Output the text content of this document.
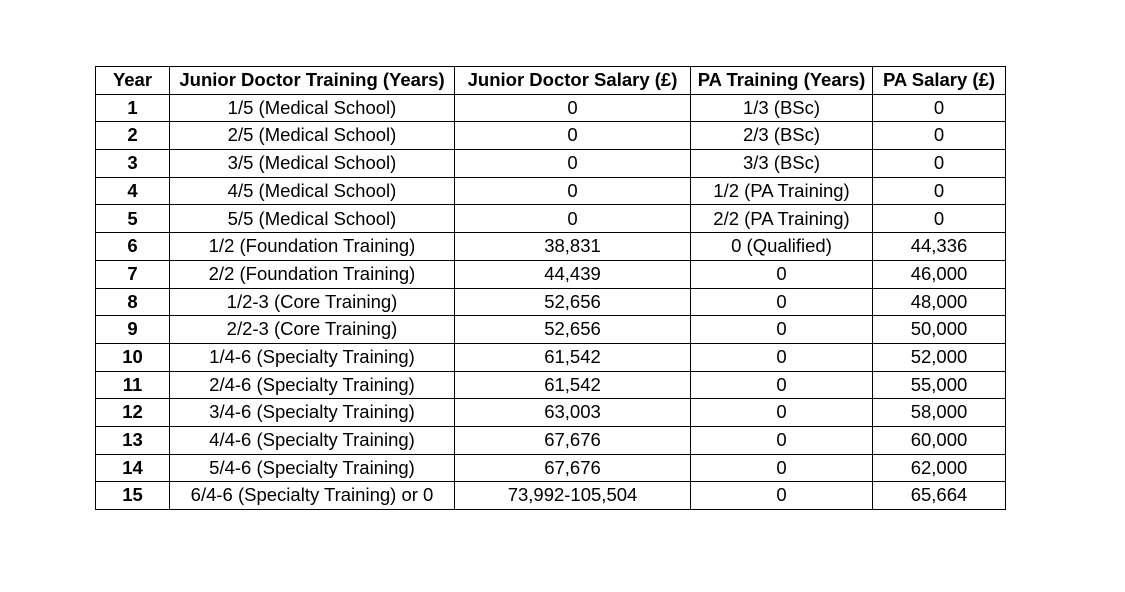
Year	Junior Doctor Training (Years)	Junior Doctor Salary (£)	PA Training (Years)	PA Salary (£)
1	1/5 (Medical School)	0	1/3 (BSc)	0
2	2/5 (Medical School)	0	2/3 (BSc)	0
3	3/5 (Medical School)	0	3/3 (BSc)	0
4	4/5 (Medical School)	0	1/2 (PA Training)	0
5	5/5 (Medical School)	0	2/2 (PA Training)	0
6	1/2 (Foundation Training)	38,831	0 (Qualified)	44,336
7	2/2 (Foundation Training)	44,439	0	46,000
8	1/2-3 (Core Training)	52,656	0	48,000
9	2/2-3 (Core Training)	52,656	0	50,000
10	1/4-6 (Specialty Training)	61,542	0	52,000
11	2/4-6 (Specialty Training)	61,542	0	55,000
12	3/4-6 (Specialty Training)	63,003	0	58,000
13	4/4-6 (Specialty Training)	67,676	0	60,000
14	5/4-6 (Specialty Training)	67,676	0	62,000
15	6/4-6 (Specialty Training) or 0	73,992-105,504	0	65,664
